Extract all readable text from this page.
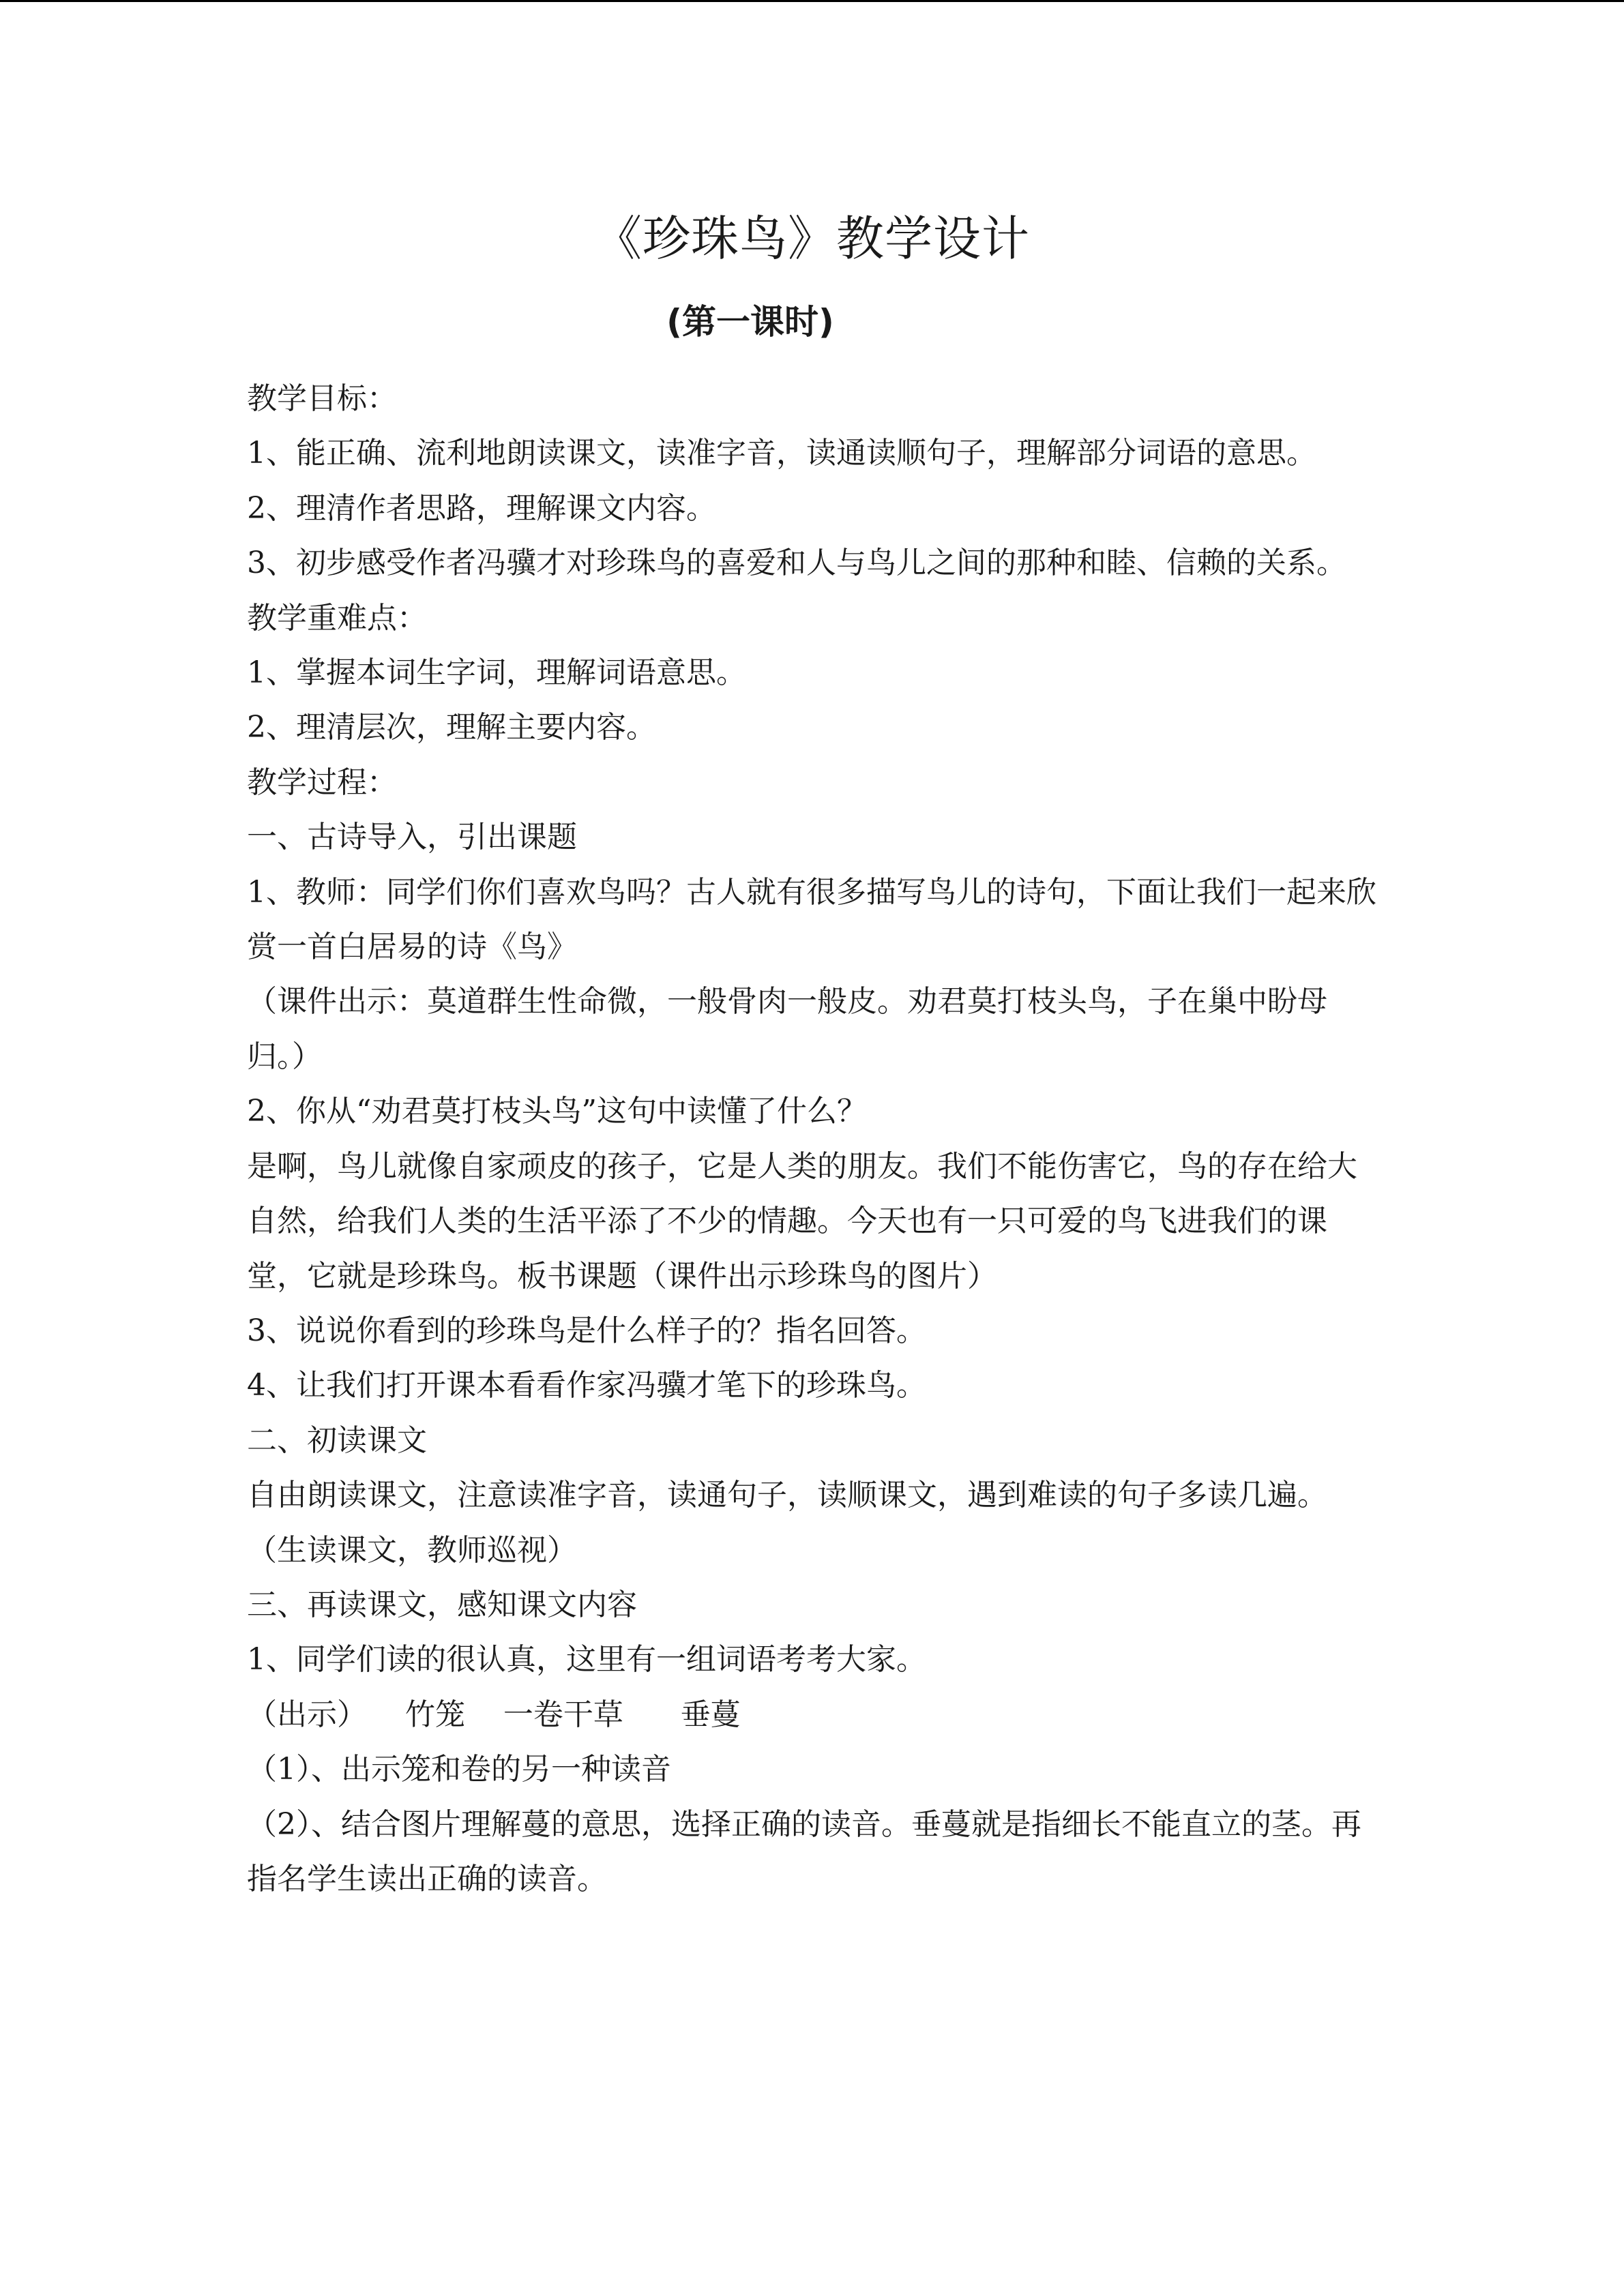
《珍珠鸟》教学设计
(第一课时)

教学目标：

1、能正确、流利地朗读课文，读准字音，读通读顺句子，理解部分词语的意思。

2、理清作者思路，理解课文内容。

3、初步感受作者冯骥才对珍珠鸟的喜爱和人与鸟儿之间的那种和睦、信赖的关系。

教学重难点：

1、掌握本词生字词，理解词语意思。

2、理清层次，理解主要内容。

教学过程：

一、古诗导入，引出课题

1、教师：同学们你们喜欢鸟吗？古人就有很多描写鸟儿的诗句，下面让我们一起来欣赏一首白居易的诗《鸟》

（课件出示：莫道群生性命微，一般骨肉一般皮。劝君莫打枝头鸟，子在巢中盼母归。）

2、你从“劝君莫打枝头鸟”这句中读懂了什么？

是啊，鸟儿就像自家顽皮的孩子，它是人类的朋友。我们不能伤害它，鸟的存在给大自然，给我们人类的生活平添了不少的情趣。今天也有一只可爱的鸟飞进我们的课堂，它就是珍珠鸟。板书课题（课件出示珍珠鸟的图片）

3、说说你看到的珍珠鸟是什么样子的？指名回答。

4、让我们打开课本看看作家冯骥才笔下的珍珠鸟。

二、初读课文

自由朗读课文，注意读准字音，读通句子，读顺课文，遇到难读的句子多读几遍。

（生读课文，教师巡视）

三、再读课文，感知课文内容

1、同学们读的很认真，这里有一组词语考考大家。

（出示）    竹笼    一卷干草      垂蔓

（1）、出示笼和卷的另一种读音

（2）、结合图片理解蔓的意思，选择正确的读音。垂蔓就是指细长不能直立的茎。再指名学生读出正确的读音。
